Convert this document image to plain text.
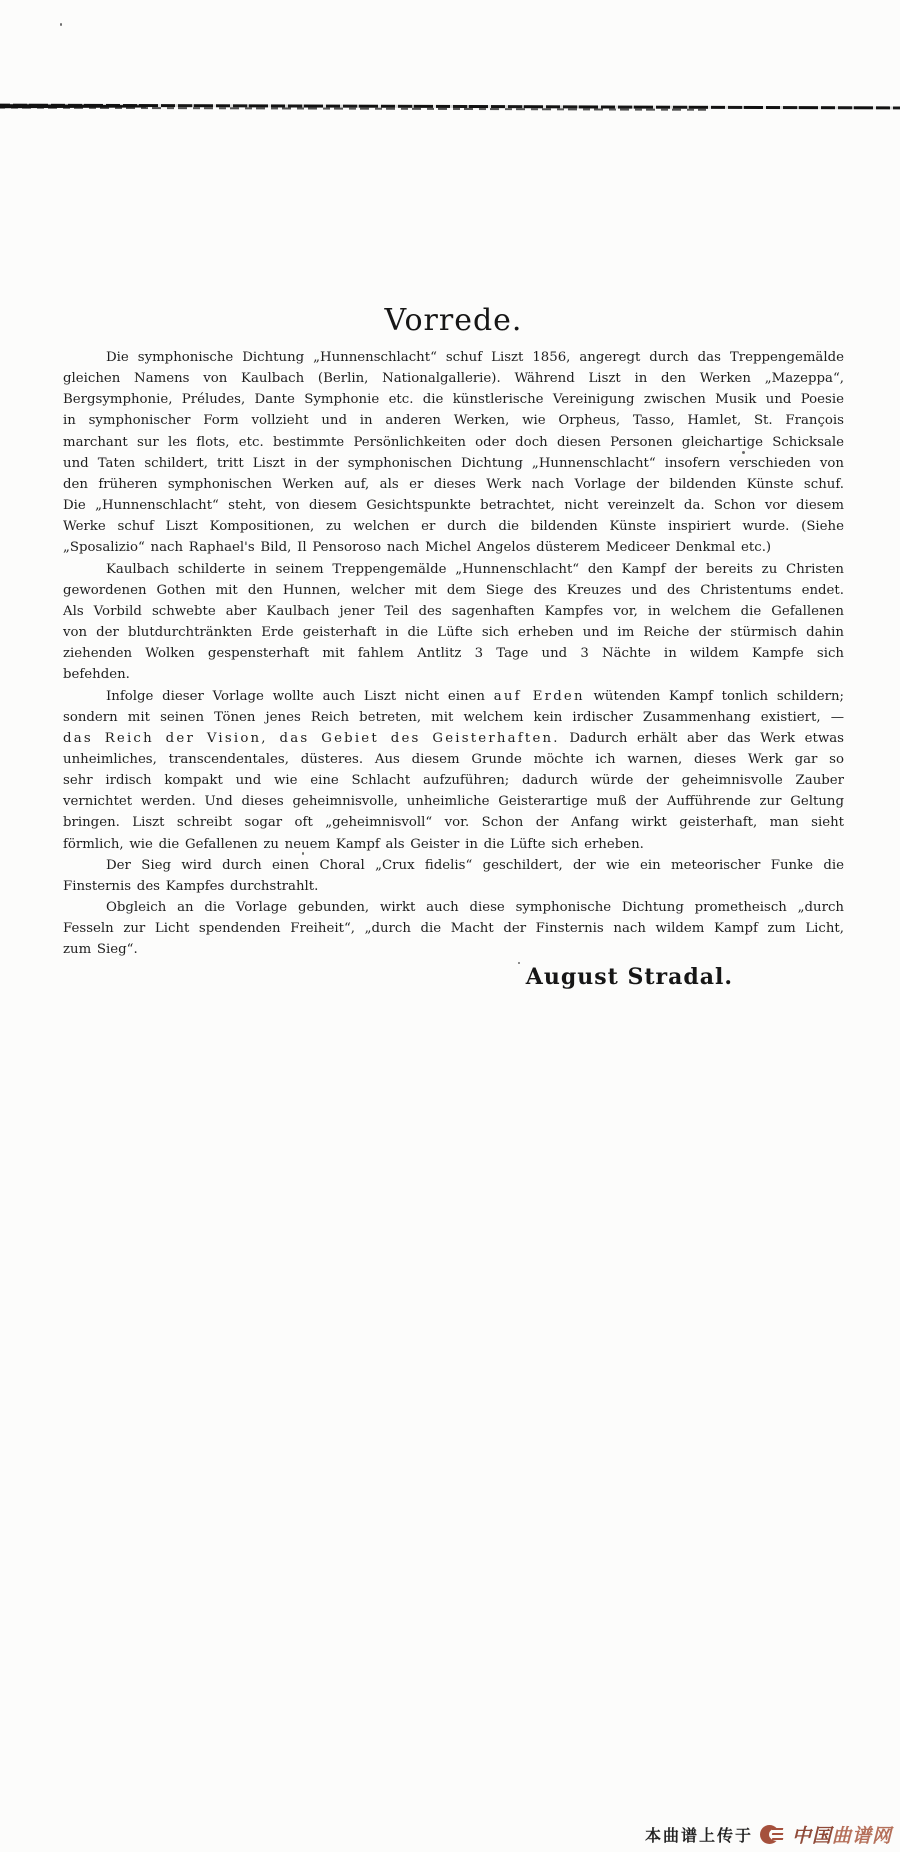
Vorrede.
Die symphonische Dichtung „Hunnenschlacht“ schuf Liszt 1856, angeregt durch das Treppengemälde
gleichen Namens von Kaulbach (Berlin, Nationalgallerie). Während Liszt in den Werken „Mazeppa“,
Bergsymphonie, Préludes, Dante Symphonie etc. die künstlerische Vereinigung zwischen Musik und Poesie
in symphonischer Form vollzieht und in anderen Werken, wie Orpheus, Tasso, Hamlet, St. François
marchant sur les flots, etc. bestimmte Persönlichkeiten oder doch diesen Personen gleichartige Schicksale
und Taten schildert, tritt Liszt in der symphonischen Dichtung „Hunnenschlacht“ insofern verschieden von
den früheren symphonischen Werken auf, als er dieses Werk nach Vorlage der bildenden Künste schuf.
Die „Hunnenschlacht“ steht, von diesem Gesichtspunkte betrachtet, nicht vereinzelt da. Schon vor diesem
Werke schuf Liszt Kompositionen, zu welchen er durch die bildenden Künste inspiriert wurde. (Siehe
„Sposalizio“ nach Raphael's Bild, Il Pensoroso nach Michel Angelos düsterem Mediceer Denkmal etc.)
Kaulbach schilderte in seinem Treppengemälde „Hunnenschlacht“ den Kampf der bereits zu Christen
gewordenen Gothen mit den Hunnen, welcher mit dem Siege des Kreuzes und des Christentums endet.
Als Vorbild schwebte aber Kaulbach jener Teil des sagenhaften Kampfes vor, in welchem die Gefallenen
von der blutdurchtränkten Erde geisterhaft in die Lüfte sich erheben und im Reiche der stürmisch dahin
ziehenden Wolken gespensterhaft mit fahlem Antlitz 3 Tage und 3 Nächte in wildem Kampfe sich
befehden.
Infolge dieser Vorlage wollte auch Liszt nicht einen auf Erden wütenden Kampf tonlich schildern;
sondern mit seinen Tönen jenes Reich betreten, mit welchem kein irdischer Zusammenhang existiert, —
das Reich der Vision, das Gebiet des Geisterhaften. Dadurch erhält aber das Werk etwas
unheimliches, transcendentales, düsteres. Aus diesem Grunde möchte ich warnen, dieses Werk gar so
sehr irdisch kompakt und wie eine Schlacht aufzuführen; dadurch würde der geheimnisvolle Zauber
vernichtet werden. Und dieses geheimnisvolle, unheimliche Geisterartige muß der Aufführende zur Geltung
bringen. Liszt schreibt sogar oft „geheimnisvoll“ vor. Schon der Anfang wirkt geisterhaft, man sieht
förmlich, wie die Gefallenen zu neuem Kampf als Geister in die Lüfte sich erheben.
Der Sieg wird durch einen Choral „Crux fidelis“ geschildert, der wie ein meteorischer Funke die
Finsternis des Kampfes durchstrahlt.
Obgleich an die Vorlage gebunden, wirkt auch diese symphonische Dichtung prometheisch „durch
Fesseln zur Licht spendenden Freiheit“, „durch die Macht der Finsternis nach wildem Kampf zum Licht,
zum Sieg“.
August Stradal.
本曲谱上传于 中国曲谱网
